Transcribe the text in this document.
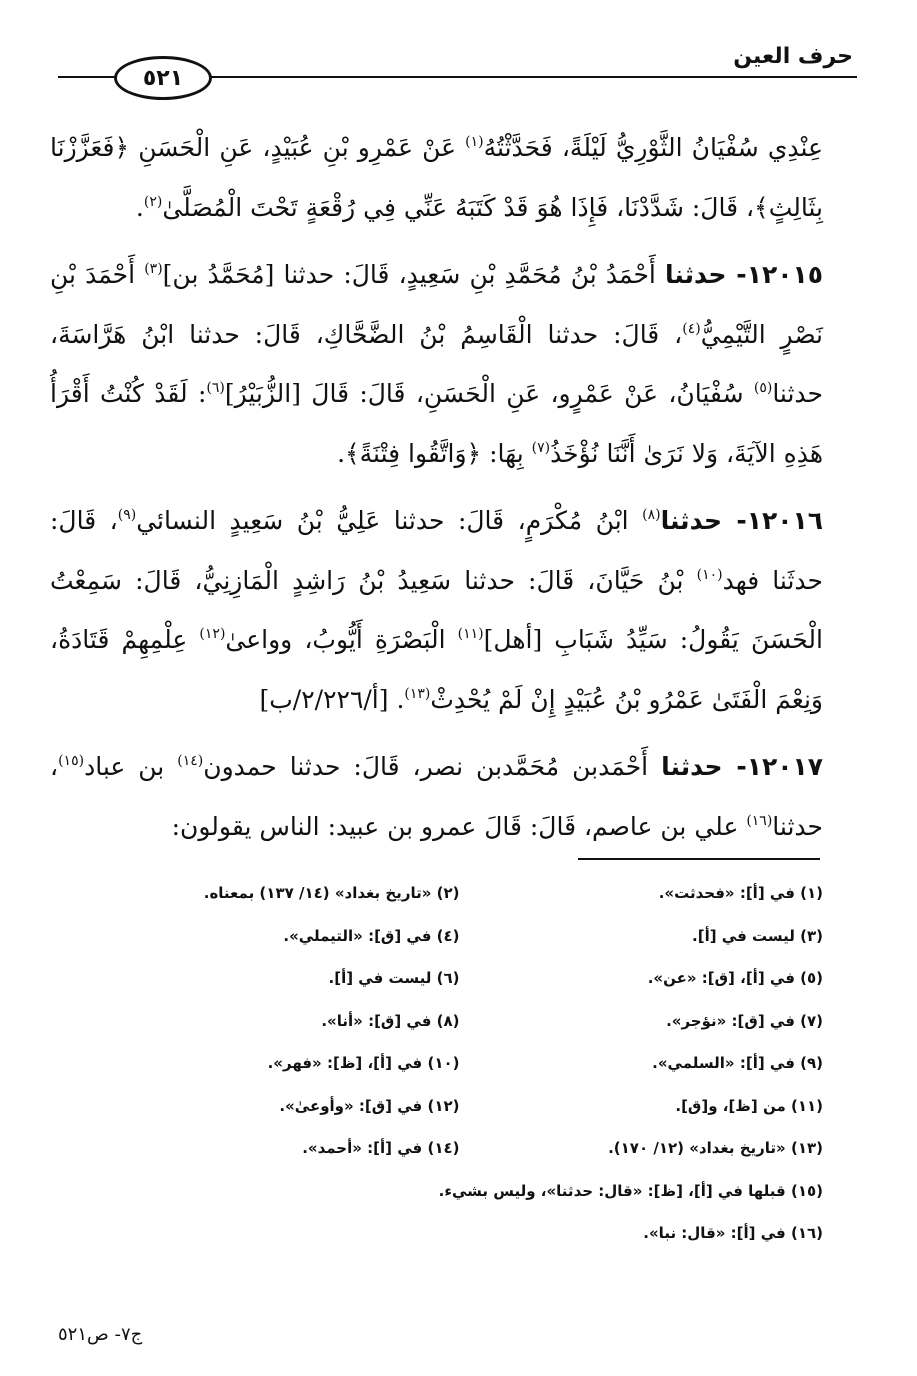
حرف العين
٥٢١

عِنْدِي سُفْيَانُ الثَّوْرِيُّ لَيْلَةً، فَحَدَّثْتُهُ$^{(١)}$ عَنْ عَمْرِو بْنِ عُبَيْدٍ، عَنِ الْحَسَنِ ﴿فَعَزَّزْنَا بِثَالِثٍ﴾، قَالَ: شَدَّدْنَا، فَإِذَا هُوَ قَدْ كَتَبَهُ عَنِّي فِي رُقْعَةٍ تَحْتَ الْمُصَلَّىٰ$^{(٢)}$.

١٢٠١٥- حدثنا أَحْمَدُ بْنُ مُحَمَّدِ بْنِ سَعِيدٍ، قَالَ: حدثنا [مُحَمَّدُ بن]$^{(٣)}$ أَحْمَدَ بْنِ نَصْرٍ التَّيْمِيُّ$^{(٤)}$، قَالَ: حدثنا الْقَاسِمُ بْنُ الضَّحَّاكِ، قَالَ: حدثنا ابْنُ هَرَّاسَةَ، حدثنا$^{(٥)}$ سُفْيَانُ، عَنْ عَمْرٍو، عَنِ الْحَسَنِ، قَالَ: قَالَ [الزُّبَيْرُ]$^{(٦)}$: لَقَدْ كُنْتُ أَقْرَأُ هَذِهِ الآيَةَ، وَلا نَرَىٰ أَنَّنَا نُؤْخَذُ$^{(٧)}$ بِهَا: ﴿وَاتَّقُوا فِتْنَةً﴾.

١٢٠١٦- حدثنا$^{(٨)}$ ابْنُ مُكْرَمٍ، قَالَ: حدثنا عَلِيُّ بْنُ سَعِيدٍ النسائي$^{(٩)}$، قَالَ: حدثَنا فهد$^{(١٠)}$ بْنُ حَيَّانَ، قَالَ: حدثنا سَعِيدُ بْنُ رَاشِدٍ الْمَازِنِيُّ، قَالَ: سَمِعْتُ الْحَسَنَ يَقُولُ: سَيِّدُ شَبَابِ [أهل]$^{(١١)}$ الْبَصْرَةِ أَيُّوبُ، وواعىٰ$^{(١٢)}$ عِلْمِهِمْ قَتَادَةُ، وَنِعْمَ الْفَتَىٰ عَمْرُو بْنُ عُبَيْدٍ إِنْ لَمْ يُحْدِثْ$^{(١٣)}$. [أ/٢/٢٢٦/ب]

١٢٠١٧- حدثنا أَحْمَدبن مُحَمَّدبن نصر، قَالَ: حدثنا حمدون$^{(١٤)}$ بن عباد$^{(١٥)}$، حدثنا$^{(١٦)}$ علي بن عاصم، قَالَ: قَالَ عمرو بن عبيد: الناس يقولون:

(١) في [أ]: «فحدثت».
(٢) «تاريخ بغداد» (١٤/ ١٣٧) بمعناه.
(٣) ليست في [أ].
(٤) في [ق]: «التيملي».
(٥) في [أ]، [ق]: «عن».
(٦) ليست في [أ].
(٧) في [ق]: «نؤجر».
(٨) في [ق]: «أنا».
(٩) في [أ]: «السلمي».
(١٠) في [أ]، [ظ]: «فهر».
(١١) من [ظ]، و[ق].
(١٢) في [ق]: «وأوعىٰ».
(١٣) «تاريخ بغداد» (١٢/ ١٧٠).
(١٤) في [أ]: «أحمد».
(١٥) قبلها في [أ]، [ظ]: «قال: حدثنا»، وليس بشيء.
(١٦) في [أ]: «قال: نبا».
ج٧- ص٥٢١
